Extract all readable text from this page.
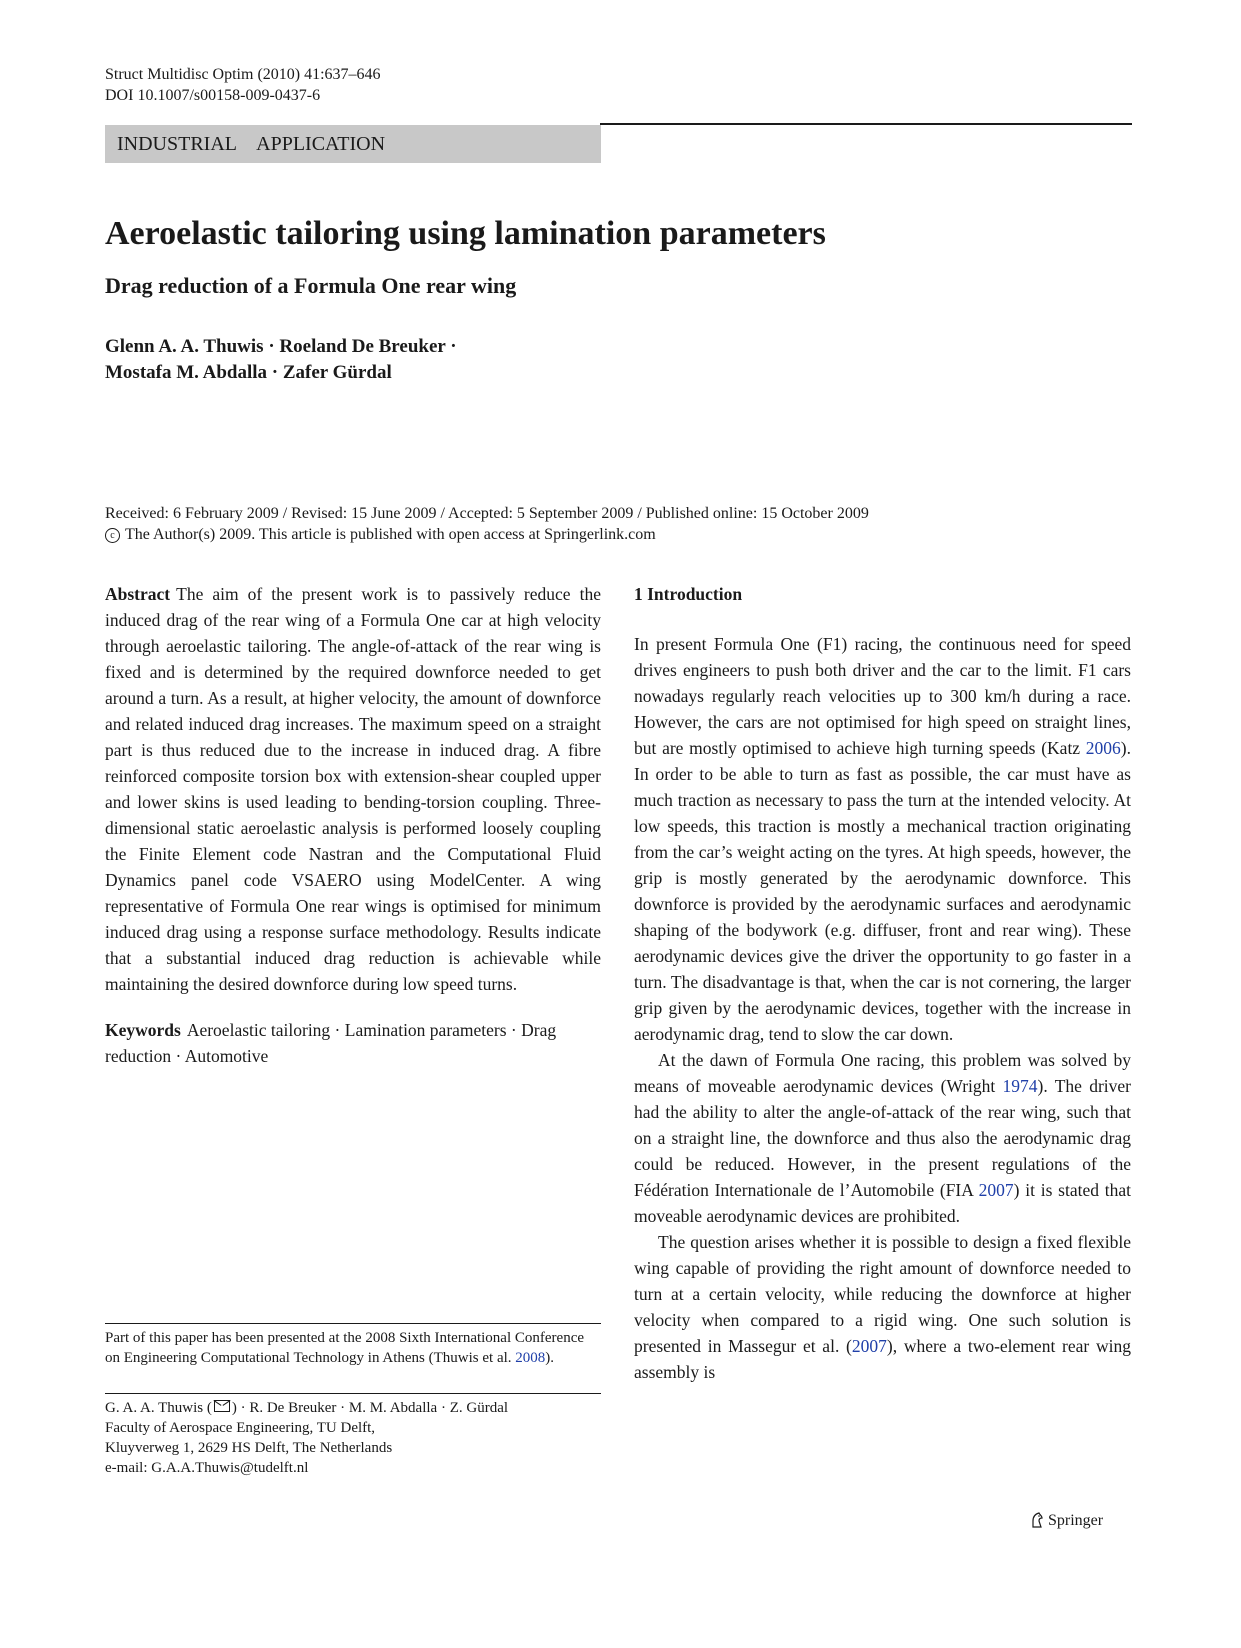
Struct Multidisc Optim (2010) 41:637–646
DOI 10.1007/s00158-009-0437-6
INDUSTRIAL   APPLICATION
Aeroelastic tailoring using lamination parameters
Drag reduction of a Formula One rear wing
Glenn A. A. Thuwis · Roeland De Breuker ·
Mostafa M. Abdalla · Zafer Gürdal
Received: 6 February 2009 / Revised: 15 June 2009 / Accepted: 5 September 2009 / Published online: 15 October 2009
c The Author(s) 2009. This article is published with open access at Springerlink.com

Abstract The aim of the present work is to passively reduce the induced drag of the rear wing of a Formula One car at high velocity through aeroelastic tailoring. The angle-of-attack of the rear wing is fixed and is determined by the required downforce needed to get around a turn. As a result, at higher velocity, the amount of downforce and related induced drag increases. The maximum speed on a straight part is thus reduced due to the increase in induced drag. A fibre reinforced composite torsion box with extension-shear coupled upper and lower skins is used leading to bending-torsion coupling. Three-dimensional static aeroelastic analysis is performed loosely coupling the Finite Element code Nastran and the Computational Fluid Dynamics panel code VSAERO using ModelCenter. A wing representative of Formula One rear wings is optimised for minimum induced drag using a response surface methodology. Results indicate that a substantial induced drag reduction is achievable while maintaining the desired downforce during low speed turns.

Keywords Aeroelastic tailoring · Lamination parameters · Drag reduction · Automotive

Part of this paper has been presented at the 2008 Sixth International Conference on Engineering Computational Technology in Athens (Thuwis et al. 2008).
G. A. A. Thuwis ( ) · R. De Breuker · M. M. Abdalla · Z. Gürdal
Faculty of Aerospace Engineering, TU Delft,
Kluyverweg 1, 2629 HS Delft, The Netherlands
e-mail: G.A.A.Thuwis@tudelft.nl

1 Introduction

In present Formula One (F1) racing, the continuous need for speed drives engineers to push both driver and the car to the limit. F1 cars nowadays regularly reach velocities up to 300 km/h during a race. However, the cars are not optimised for high speed on straight lines, but are mostly optimised to achieve high turning speeds (Katz 2006). In order to be able to turn as fast as possible, the car must have as much traction as necessary to pass the turn at the intended velocity. At low speeds, this traction is mostly a mechanical traction originating from the car’s weight acting on the tyres. At high speeds, however, the grip is mostly generated by the aerodynamic downforce. This downforce is provided by the aerodynamic surfaces and aerodynamic shaping of the bodywork (e.g. diffuser, front and rear wing). These aerodynamic devices give the driver the opportunity to go faster in a turn. The disadvantage is that, when the car is not cornering, the larger grip given by the aerodynamic devices, together with the increase in aerodynamic drag, tend to slow the car down.

At the dawn of Formula One racing, this problem was solved by means of moveable aerodynamic devices (Wright 1974). The driver had the ability to alter the angle-of-attack of the rear wing, such that on a straight line, the downforce and thus also the aerodynamic drag could be reduced. However, in the present regulations of the Fédération Internationale de l’Automobile (FIA 2007) it is stated that moveable aerodynamic devices are prohibited.

The question arises whether it is possible to design a fixed flexible wing capable of providing the right amount of downforce needed to turn at a certain velocity, while reducing the downforce at higher velocity when compared to a rigid wing. One such solution is presented in Massegur et al. (2007), where a two-element rear wing assembly is

Springer
